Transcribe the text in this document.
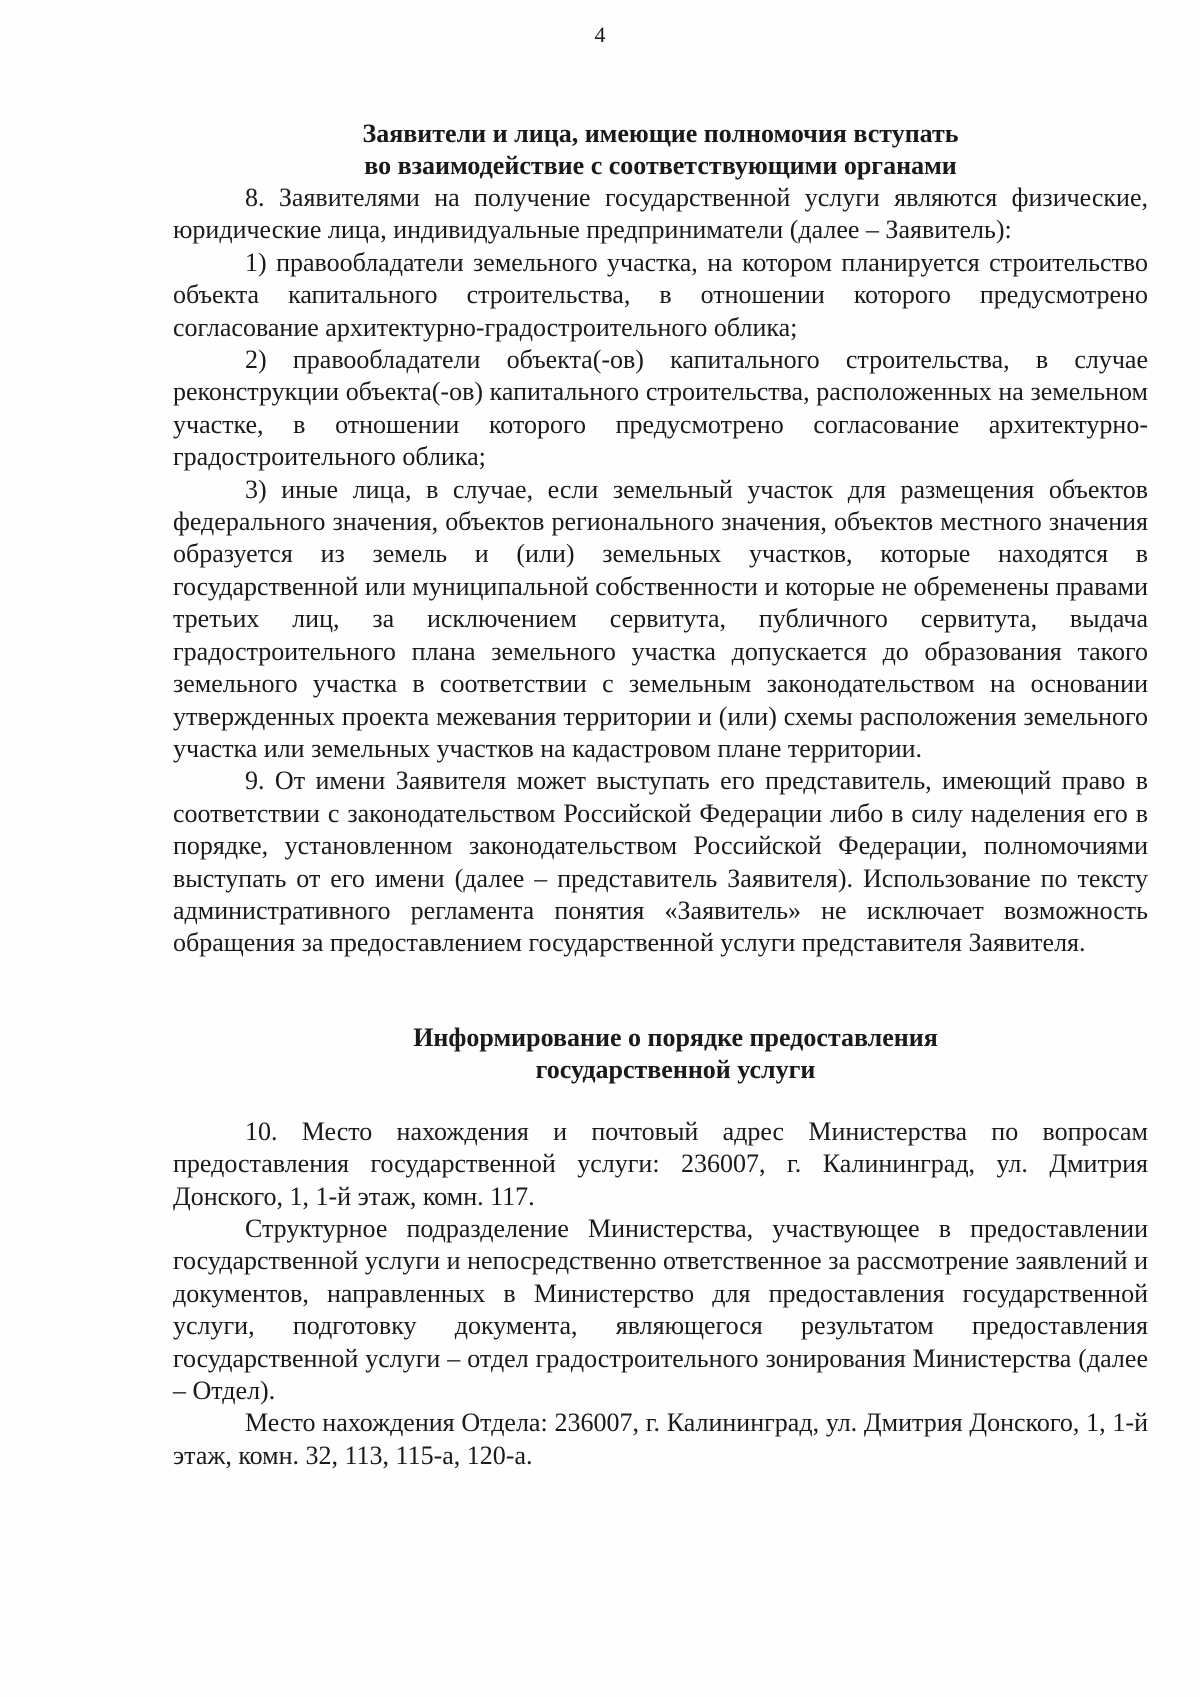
4
Заявители и лица, имеющие полномочия вступать
во взаимодействие с соответствующими органами

8. Заявителями на получение государственной услуги являются физические, юридические лица, индивидуальные предприниматели (далее – Заявитель):

1) правообладатели земельного участка, на котором планируется строительство объекта капитального строительства, в отношении которого предусмотрено согласование архитектурно-градостроительного облика;

2) правообладатели объекта(-ов) капитального строительства, в случае реконструкции объекта(-ов) капитального строительства, расположенных на земельном участке, в отношении которого предусмотрено согласование архитектурно-градостроительного облика;

3) иные лица, в случае, если земельный участок для размещения объектов федерального значения, объектов регионального значения, объектов местного значения образуется из земель и (или) земельных участков, которые находятся в государственной или муниципальной собственности и которые не обременены правами третьих лиц, за исключением сервитута, публичного сервитута, выдача градостроительного плана земельного участка допускается до образования такого земельного участка в соответствии с земельным законодательством на основании утвержденных проекта межевания территории и (или) схемы расположения земельного участка или земельных участков на кадастровом плане территории.

9. От имени Заявителя может выступать его представитель, имеющий право в соответствии с законодательством Российской Федерации либо в силу наделения его в порядке, установленном законодательством Российской Федерации, полномочиями выступать от его имени (далее – представитель Заявителя). Использование по тексту административного регламента понятия «Заявитель» не исключает возможность обращения за предоставлением государственной услуги представителя Заявителя.

Информирование о порядке предоставления
государственной услуги

10. Место нахождения и почтовый адрес Министерства по вопросам предоставления государственной услуги: 236007, г. Калининград, ул. Дмитрия Донского, 1, 1-й этаж, комн. 117.

Структурное подразделение Министерства, участвующее в предоставлении государственной услуги и непосредственно ответственное за рассмотрение заявлений и документов, направленных в Министерство для предоставления государственной услуги, подготовку документа, являющегося результатом предоставления государственной услуги – отдел градостроительного зонирования Министерства (далее – Отдел).

Место нахождения Отдела: 236007, г. Калининград, ул. Дмитрия Донского, 1, 1-й этаж, комн. 32, 113, 115-а, 120-а.
